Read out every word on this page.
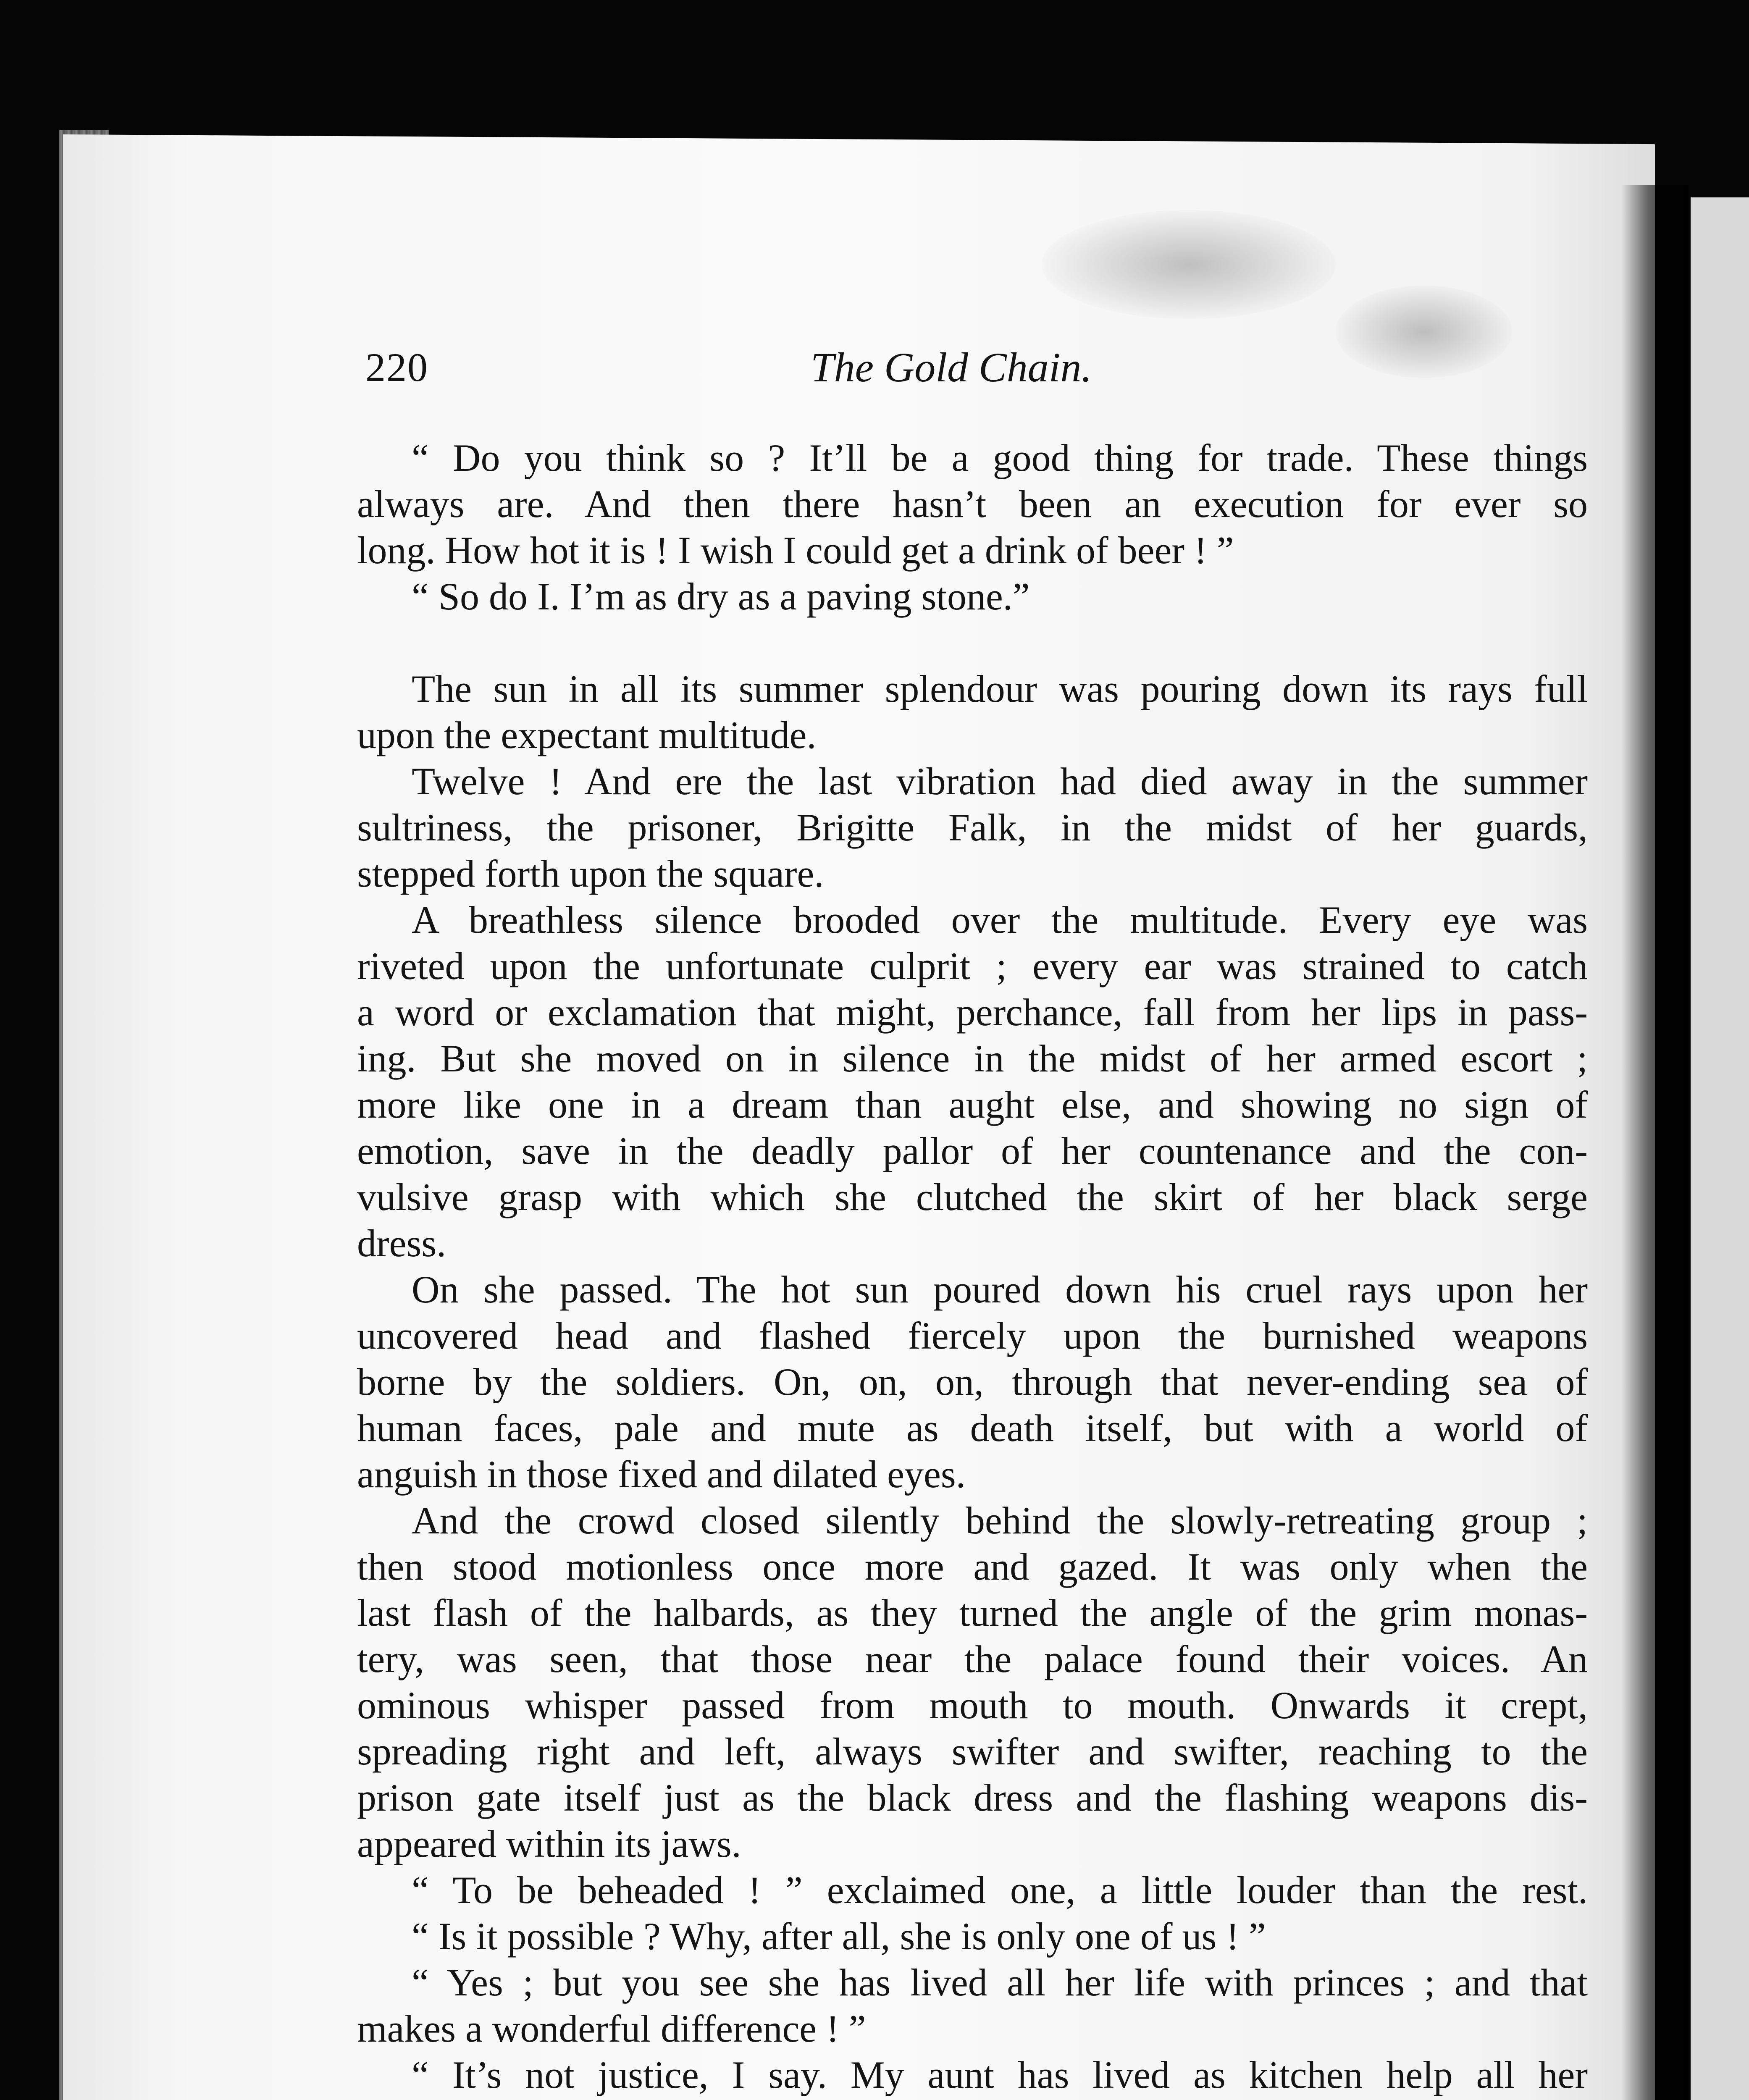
220	The Gold Chain.
“ Do you think so ? It’ll be a good thing for trade. These things
always are. And then there hasn’t been an execution for ever so
long. How hot it is ! I wish I could get a drink of beer ! ”
“ So do I. I’m as dry as a paving stone.”
The sun in all its summer splendour was pouring down its rays full
upon the expectant multitude.
Twelve ! And ere the last vibration had died away in the summer
sultriness, the prisoner, Brigitte Falk, in the midst of her guards,
stepped forth upon the square.
A breathless silence brooded over the multitude. Every eye was
riveted upon the unfortunate culprit ; every ear was strained to catch
a word or exclamation that might, perchance, fall from her lips in pass-
ing. But she moved on in silence in the midst of her armed escort ;
more like one in a dream than aught else, and showing no sign of
emotion, save in the deadly pallor of her countenance and the con-
vulsive grasp with which she clutched the skirt of her black serge
dress.
On she passed. The hot sun poured down his cruel rays upon her
uncovered head and flashed fiercely upon the burnished weapons
borne by the soldiers. On, on, on, through that never-ending sea of
human faces, pale and mute as death itself, but with a world of
anguish in those fixed and dilated eyes.
And the crowd closed silently behind the slowly-retreating group ;
then stood motionless once more and gazed. It was only when the
last flash of the halbards, as they turned the angle of the grim monas-
tery, was seen, that those near the palace found their voices. An
ominous whisper passed from mouth to mouth. Onwards it crept,
spreading right and left, always swifter and swifter, reaching to the
prison gate itself just as the black dress and the flashing weapons dis-
appeared within its jaws.
“ To be beheaded ! ” exclaimed one, a little louder than the rest.
“ Is it possible ? Why, after all, she is only one of us ! ”
“ Yes ; but you see she has lived all her life with princes ; and that
makes a wonderful difference ! ”
“ It’s not justice, I say. My aunt has lived as kitchen help all her
